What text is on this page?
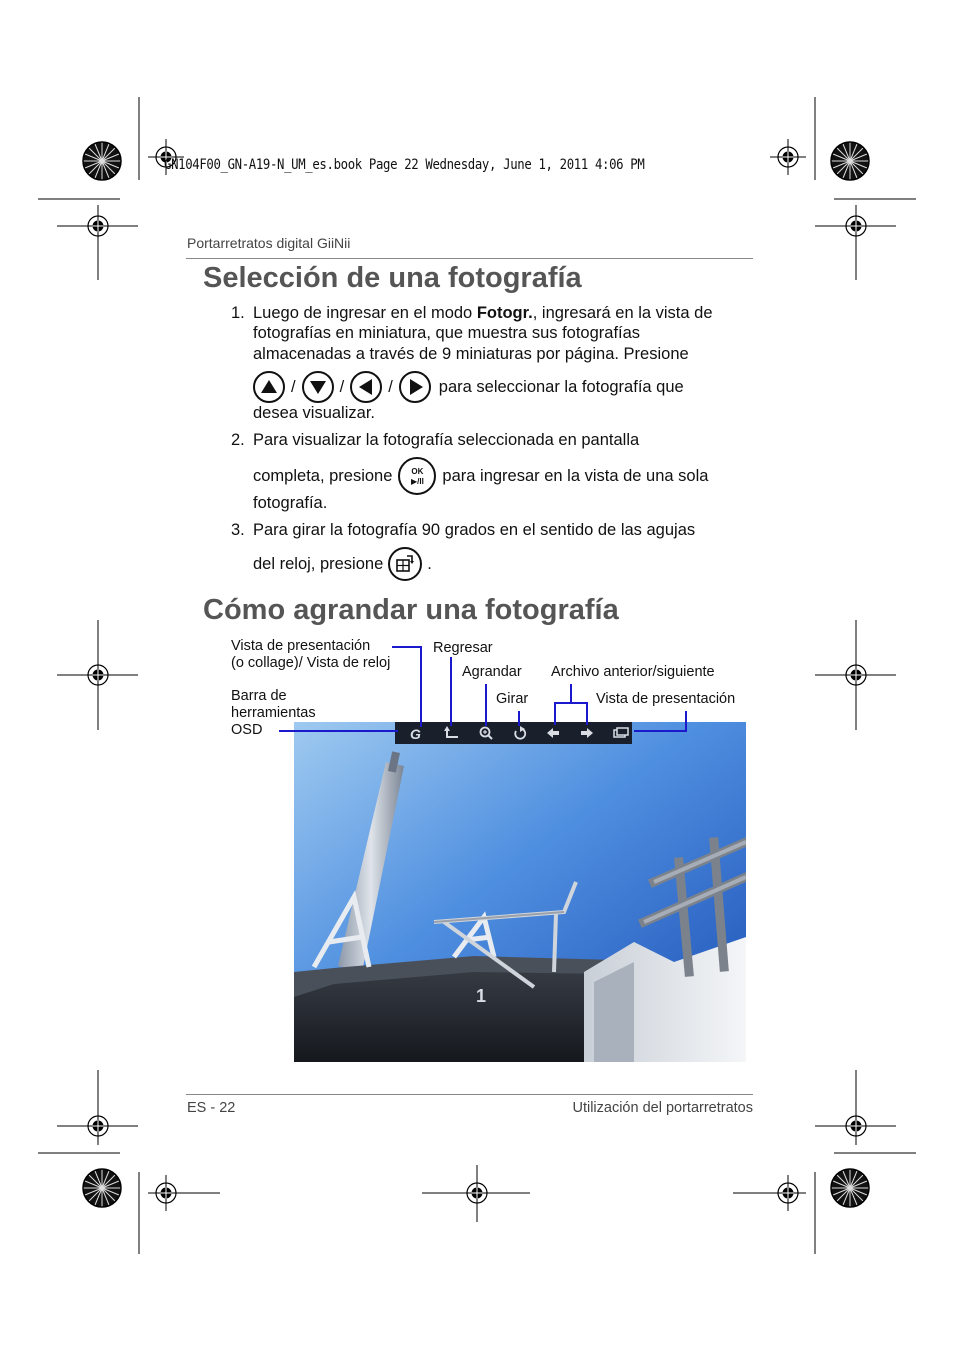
GN104F00_GN-A19-N_UM_es.book Page 22 Wednesday, June 1, 2011 4:06 PM
Portarretratos digital GiiNii
Selección de una fotografía
1. Luego de ingresar en el modo Fotogr., ingresará en la vista de
fotografías en miniatura, que muestra sus fotografías
almacenadas a través de 9 miniaturas por página. Presione
/	/	/	para seleccionar la fotografía que
desea visualizar.
2. Para visualizar la fotografía seleccionada en pantalla
completa, presione	OK
▶/II	para ingresar en la vista de una sola
fotografía.
3. Para girar la fotografía 90 grados en el sentido de las agujas
del reloj, presione	.
Cómo agrandar una fotografía
Vista de presentación
(o collage)/ Vista de reloj
Regresar
Agrandar Archivo anterior/siguiente
Girar	Vista de presentación
Barra de
herramientas
OSD
1
G
ES - 22	Utilización del portarretratos
